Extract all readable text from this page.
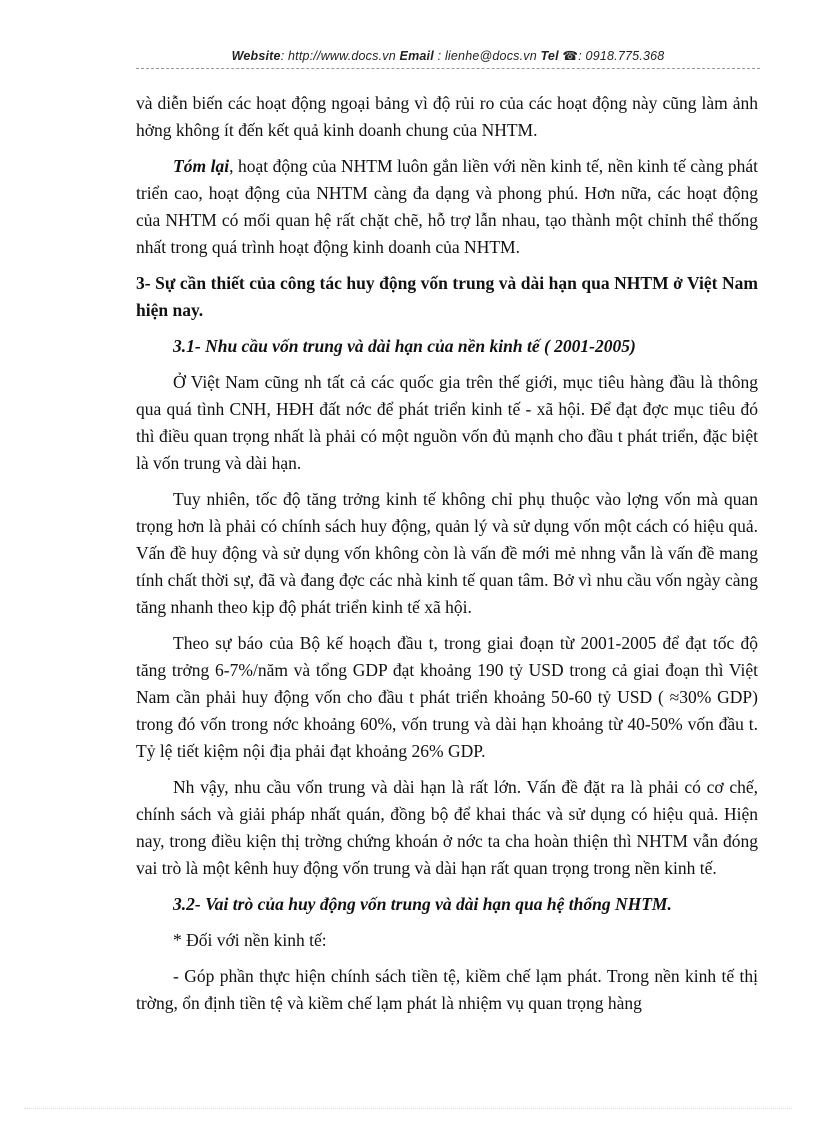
Website: http://www.docs.vn Email : lienhe@docs.vn Tel ☎: 0918.775.368

và diễn biến các hoạt động ngoại bảng vì độ rủi ro của các hoạt động này cũng làm ảnh hởng không ít đến kết quả kinh doanh chung của NHTM.

Tóm lại, hoạt động của NHTM luôn gắn liền với nền kinh tế, nền kinh tế càng phát triển cao, hoạt động của NHTM càng đa dạng và phong phú. Hơn nữa, các hoạt động của NHTM có mối quan hệ rất chặt chẽ, hỗ trợ lẫn nhau, tạo thành một chỉnh thể thống nhất trong quá trình hoạt động kinh doanh của NHTM.

3- Sự cần thiết của công tác huy động vốn trung và dài hạn qua NHTM ở Việt Nam hiện nay.
3.1- Nhu cầu vốn trung và dài hạn của nền kinh tế ( 2001-2005)

Ở Việt Nam cũng nh tất cả các quốc gia trên thế giới, mục tiêu hàng đầu là thông qua quá tình CNH, HĐH đất nớc để phát triển kinh tế - xã hội. Để đạt đợc mục tiêu đó thì điều quan trọng nhất là phải có một nguồn vốn đủ mạnh cho đầu t phát triển, đặc biệt là vốn trung và dài hạn.

Tuy nhiên, tốc độ tăng trởng kinh tế không chỉ phụ thuộc vào lợng vốn mà quan trọng hơn là phải có chính sách huy động, quản lý và sử dụng vốn một cách có hiệu quả. Vấn đề huy động và sử dụng vốn không còn là vấn đề mới mẻ nhng vẫn là vấn đề mang tính chất thời sự, đã và đang đợc các nhà kinh tế quan tâm. Bở vì nhu cầu vốn ngày càng tăng nhanh theo kịp độ phát triển kinh tế xã hội.

Theo sự báo của Bộ kế hoạch đầu t, trong giai đoạn từ 2001-2005 để đạt tốc độ tăng trởng 6-7%/năm và tổng GDP đạt khoảng 190 tỷ USD trong cả giai đoạn thì Việt Nam cần phải huy động vốn cho đầu t phát triển khoảng 50-60 tỷ USD ( ≈30% GDP) trong đó vốn trong nớc khoảng 60%, vốn trung và dài hạn khoảng từ 40-50% vốn đầu t. Tỷ lệ tiết kiệm nội địa phải đạt khoảng 26% GDP.

Nh vậy, nhu cầu vốn trung và dài hạn là rất lớn. Vấn đề đặt ra là phải có cơ chế, chính sách và giải pháp nhất quán, đồng bộ để khai thác và sử dụng có hiệu quả. Hiện nay, trong điều kiện thị trờng chứng khoán ở nớc ta cha hoàn thiện thì NHTM vẫn đóng vai trò là một kênh huy động vốn trung và dài hạn rất quan trọng trong nền kinh tế.

3.2- Vai trò của huy động vốn trung và dài hạn qua hệ thống NHTM.

* Đối với nền kinh tế:

- Góp phần thực hiện chính sách tiền tệ, kiềm chế lạm phát. Trong nền kinh tế thị trờng, ổn định tiền tệ và kiềm chế lạm phát là nhiệm vụ quan trọng hàng
